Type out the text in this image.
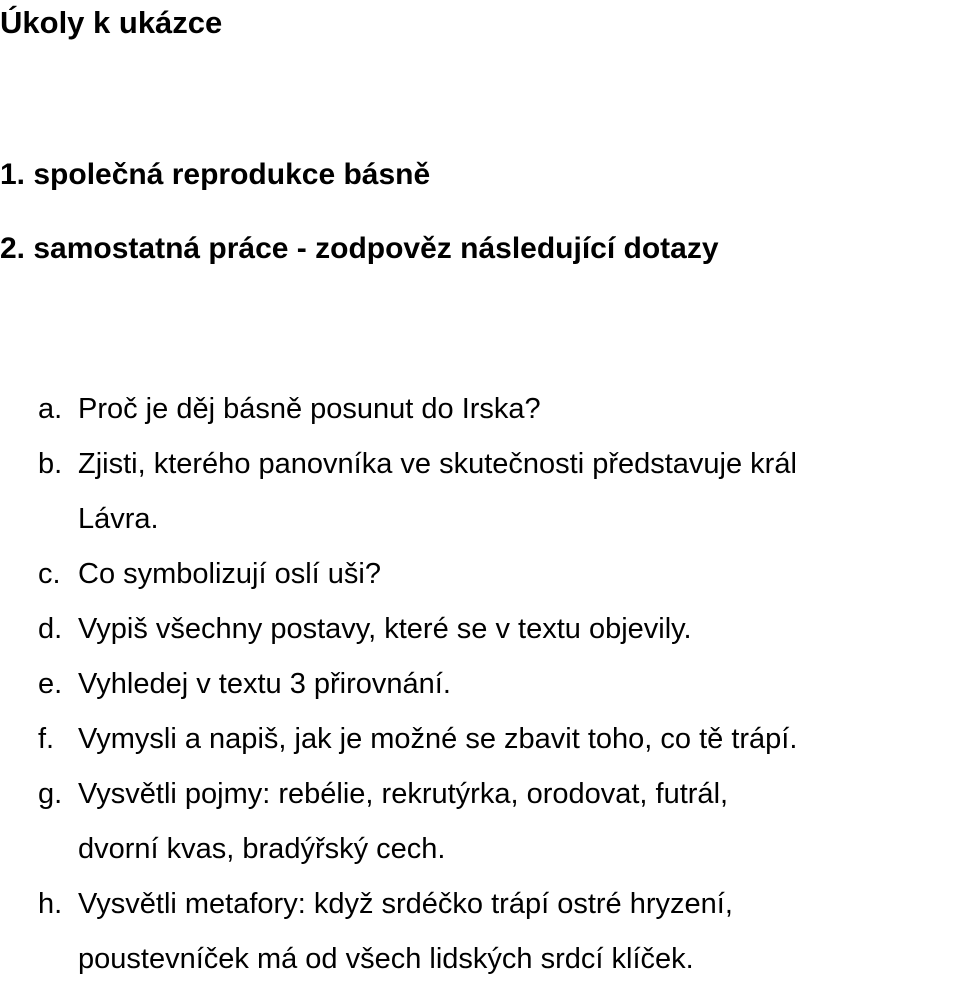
Úkoly k ukázce
1. společná reprodukce básně
2. samostatná práce - zodpověz následující dotazy
a. Proč je děj básně posunut do Irska?
b. Zjisti, kterého panovníka ve skutečnosti představuje král
Lávra.
c. Co symbolizují oslí uši?
d. Vypiš všechny postavy, které se v textu objevily.
e. Vyhledej v textu 3 přirovnání.
f. Vymysli a napiš, jak je možné se zbavit toho, co tě trápí.
g. Vysvětli pojmy: rebélie, rekrutýrka, orodovat, futrál,
dvorní kvas, bradýřský cech.
h. Vysvětli metafory: když srdéčko trápí ostré hryzení,
poustevníček má od všech lidských srdcí klíček.
